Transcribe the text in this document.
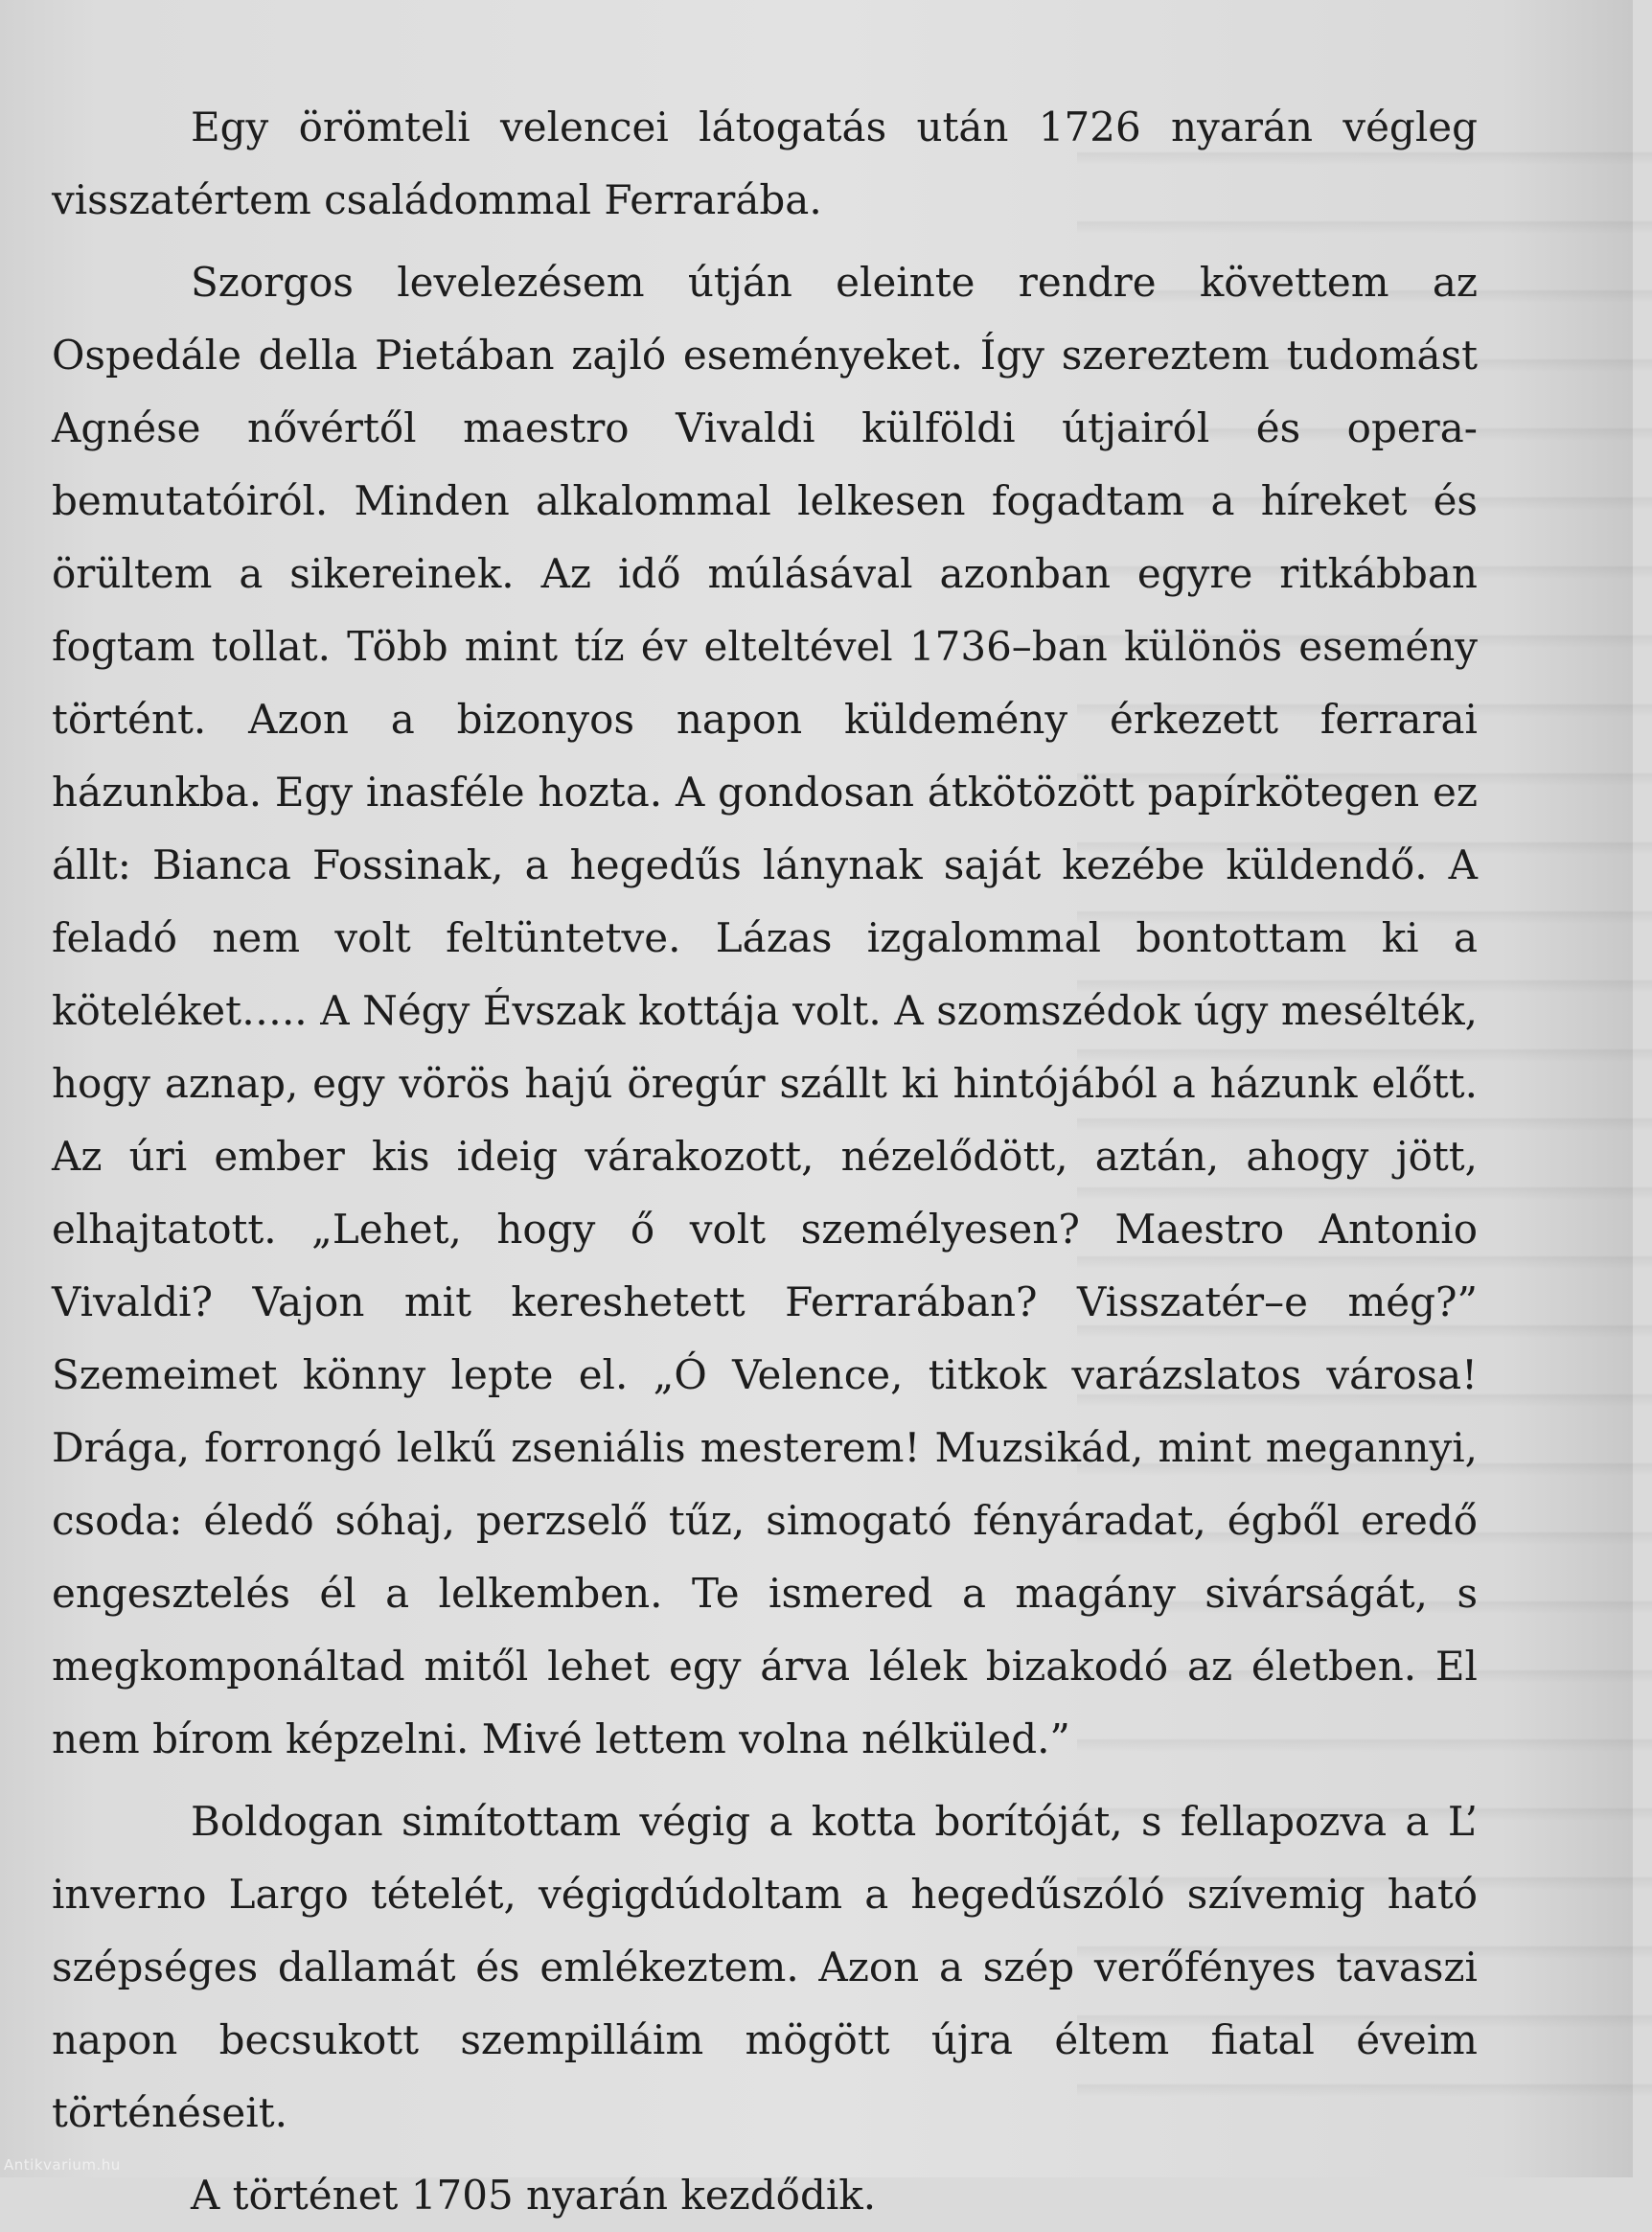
Egy örömteli velencei látogatás után 1726 nyarán végleg visszatértem családommal Ferrarába.

Szorgos levelezésem útján eleinte rendre követtem az Ospedále della Pietában zajló eseményeket. Így szereztem tudomást Agnése nővértől maestro Vivaldi külföldi útjairól és opera-bemutatóiról. Minden alkalommal lelkesen fogadtam a híreket és örültem a sikereinek. Az idő múlásával azonban egyre ritkábban fogtam tollat. Több mint tíz év elteltével 1736–ban különös esemény történt. Azon a bizonyos napon küldemény érkezett ferrarai házunkba. Egy inasféle hozta. A gondosan átkötözött papírkötegen ez állt: Bianca Fossinak, a hegedűs lánynak saját kezébe küldendő. A feladó nem volt feltüntetve. Lázas izgalommal bontottam ki a köteléket….. A Négy Évszak kottája volt. A szomszédok úgy mesélték, hogy aznap, egy vörös hajú öregúr szállt ki hintójából a házunk előtt. Az úri ember kis ideig várakozott, nézelődött, aztán, ahogy jött, elhajtatott. „Lehet, hogy ő volt személyesen? Maestro Antonio Vivaldi? Vajon mit kereshetett Ferrarában? Visszatér–e még?” Szemeimet könny lepte el. „Ó Velence, titkok varázslatos városa! Drága, forrongó lelkű zseniális mesterem! Muzsikád, mint megannyi, csoda: éledő sóhaj, perzselő tűz, simogató fényáradat, égből eredő engesztelés él a lelkemben. Te ismered a magány sivárságát, s megkomponáltad mitől lehet egy árva lélek bizakodó az életben. El nem bírom képzelni. Mivé lettem volna nélküled.”

Boldogan simítottam végig a kotta borítóját, s fellapozva a L’ inverno Largo tételét, végigdúdoltam a hegedűszóló szívemig ható szépséges dallamát és emlékeztem. Azon a szép verőfényes tavaszi napon becsukott szempilláim mögött újra éltem fiatal éveim történéseit.

A történet 1705 nyarán kezdődik.

Antikvarium.hu
